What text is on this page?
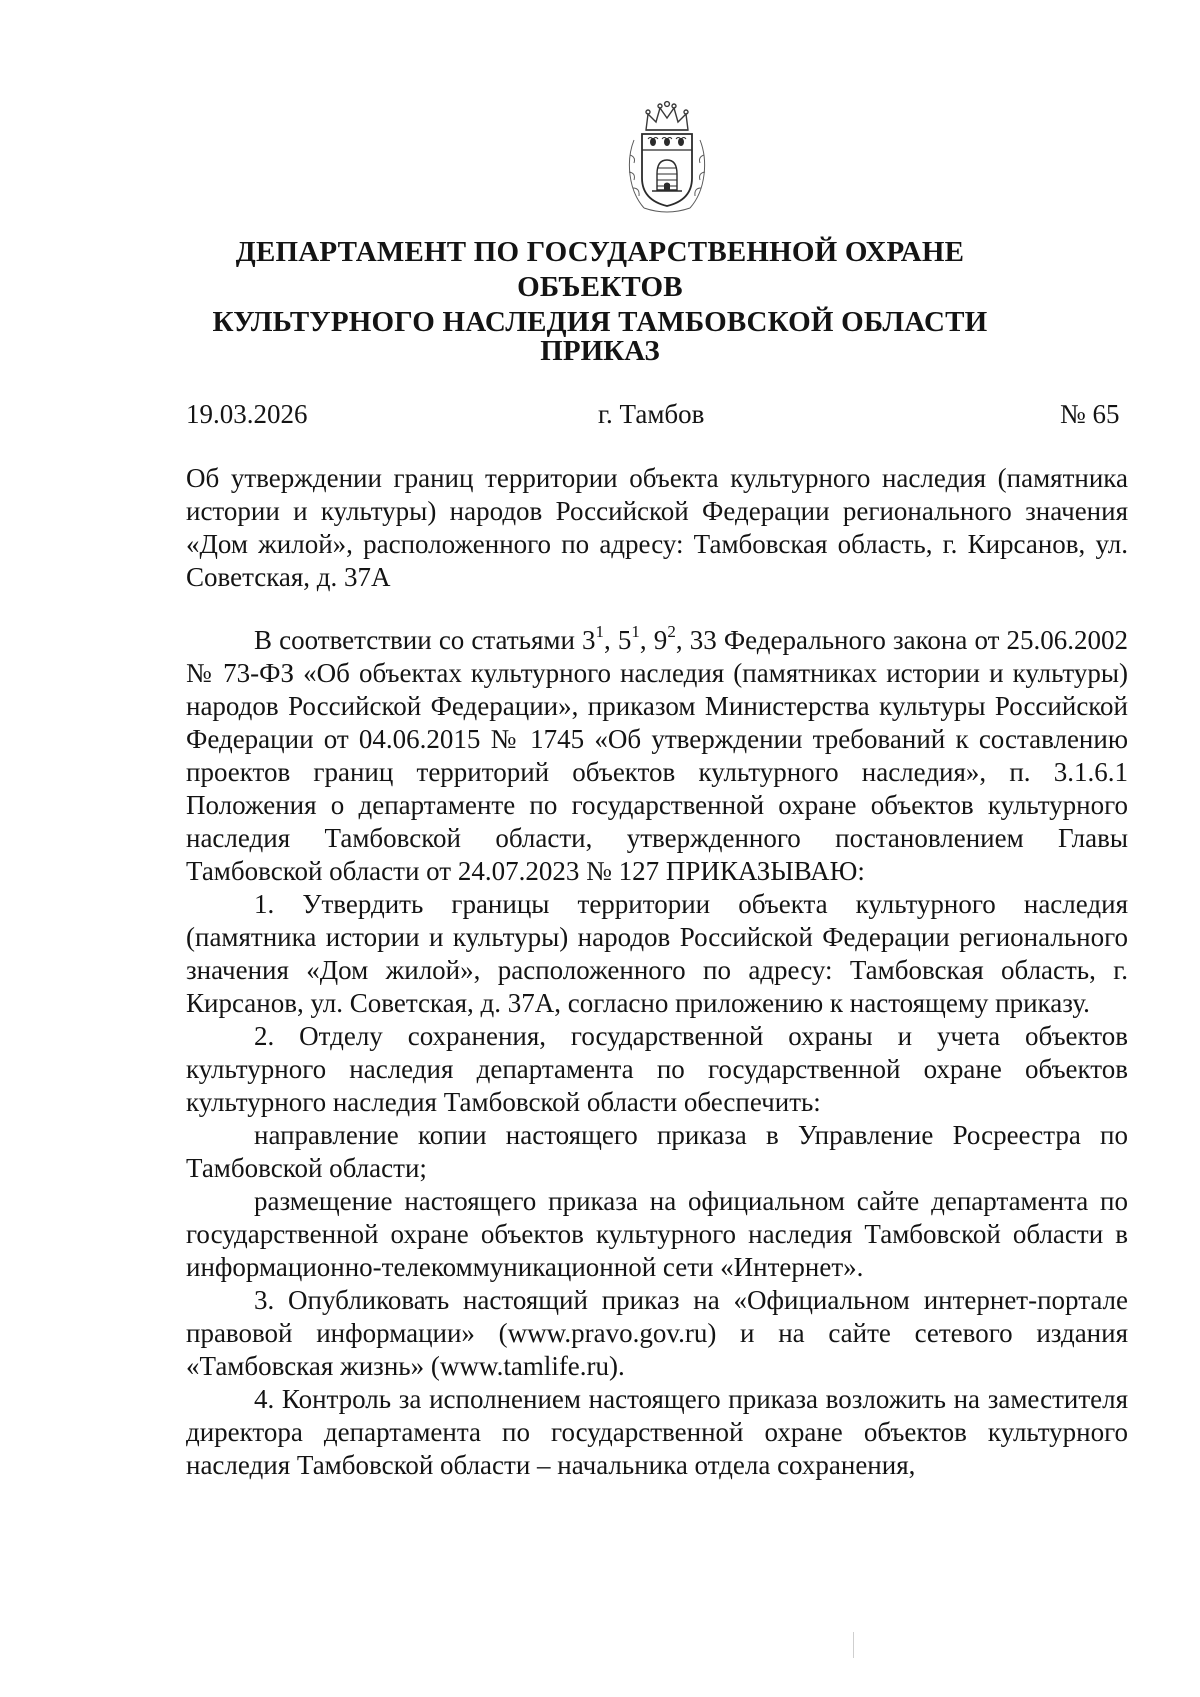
ДЕПАРТАМЕНТ ПО ГОСУДАРСТВЕННОЙ ОХРАНЕ ОБЪЕКТОВ
КУЛЬТУРНОГО НАСЛЕДИЯ ТАМБОВСКОЙ ОБЛАСТИ
ПРИКАЗ
19.03.2026	г. Тамбов	№ 65
Об утверждении границ территории объекта культурного наследия (памятника истории и культуры) народов Российской Федерации регионального значения «Дом жилой», расположенного по адресу: Тамбовская область, г. Кирсанов, ул. Советская, д. 37А

В соответствии со статьями $3^1$, $5^1$, $9^2$, 33 Федерального закона от 25.06.2002 № 73-ФЗ «Об объектах культурного наследия (памятниках истории и культуры) народов Российской Федерации», приказом Министерства культуры Российской Федерации от 04.06.2015 № 1745 «Об утверждении требований к составлению проектов границ территорий объектов культурного наследия», п. 3.1.6.1 Положения о департаменте по государственной охране объектов культурного наследия Тамбовской области, утвержденного постановлением Главы Тамбовской области от 24.07.2023 № 127 ПРИКАЗЫВАЮ:

1. Утвердить границы территории объекта культурного наследия (памятника истории и культуры) народов Российской Федерации регионального значения «Дом жилой», расположенного по адресу: Тамбовская область, г. Кирсанов, ул. Советская, д. 37А, согласно приложению к настоящему приказу.

2. Отделу сохранения, государственной охраны и учета объектов культурного наследия департамента по государственной охране объектов культурного наследия Тамбовской области обеспечить:

направление копии настоящего приказа в Управление Росреестра по Тамбовской области;

размещение настоящего приказа на официальном сайте департамента по государственной охране объектов культурного наследия Тамбовской области в информационно-телекоммуникационной сети «Интернет».

3. Опубликовать настоящий приказ на «Официальном интернет-портале правовой информации» (www.pravo.gov.ru) и на сайте сетевого издания «Тамбовская жизнь» (www.tamlife.ru).

4. Контроль за исполнением настоящего приказа возложить на заместителя директора департамента по государственной охране объектов культурного наследия Тамбовской области – начальника отдела сохранения,
